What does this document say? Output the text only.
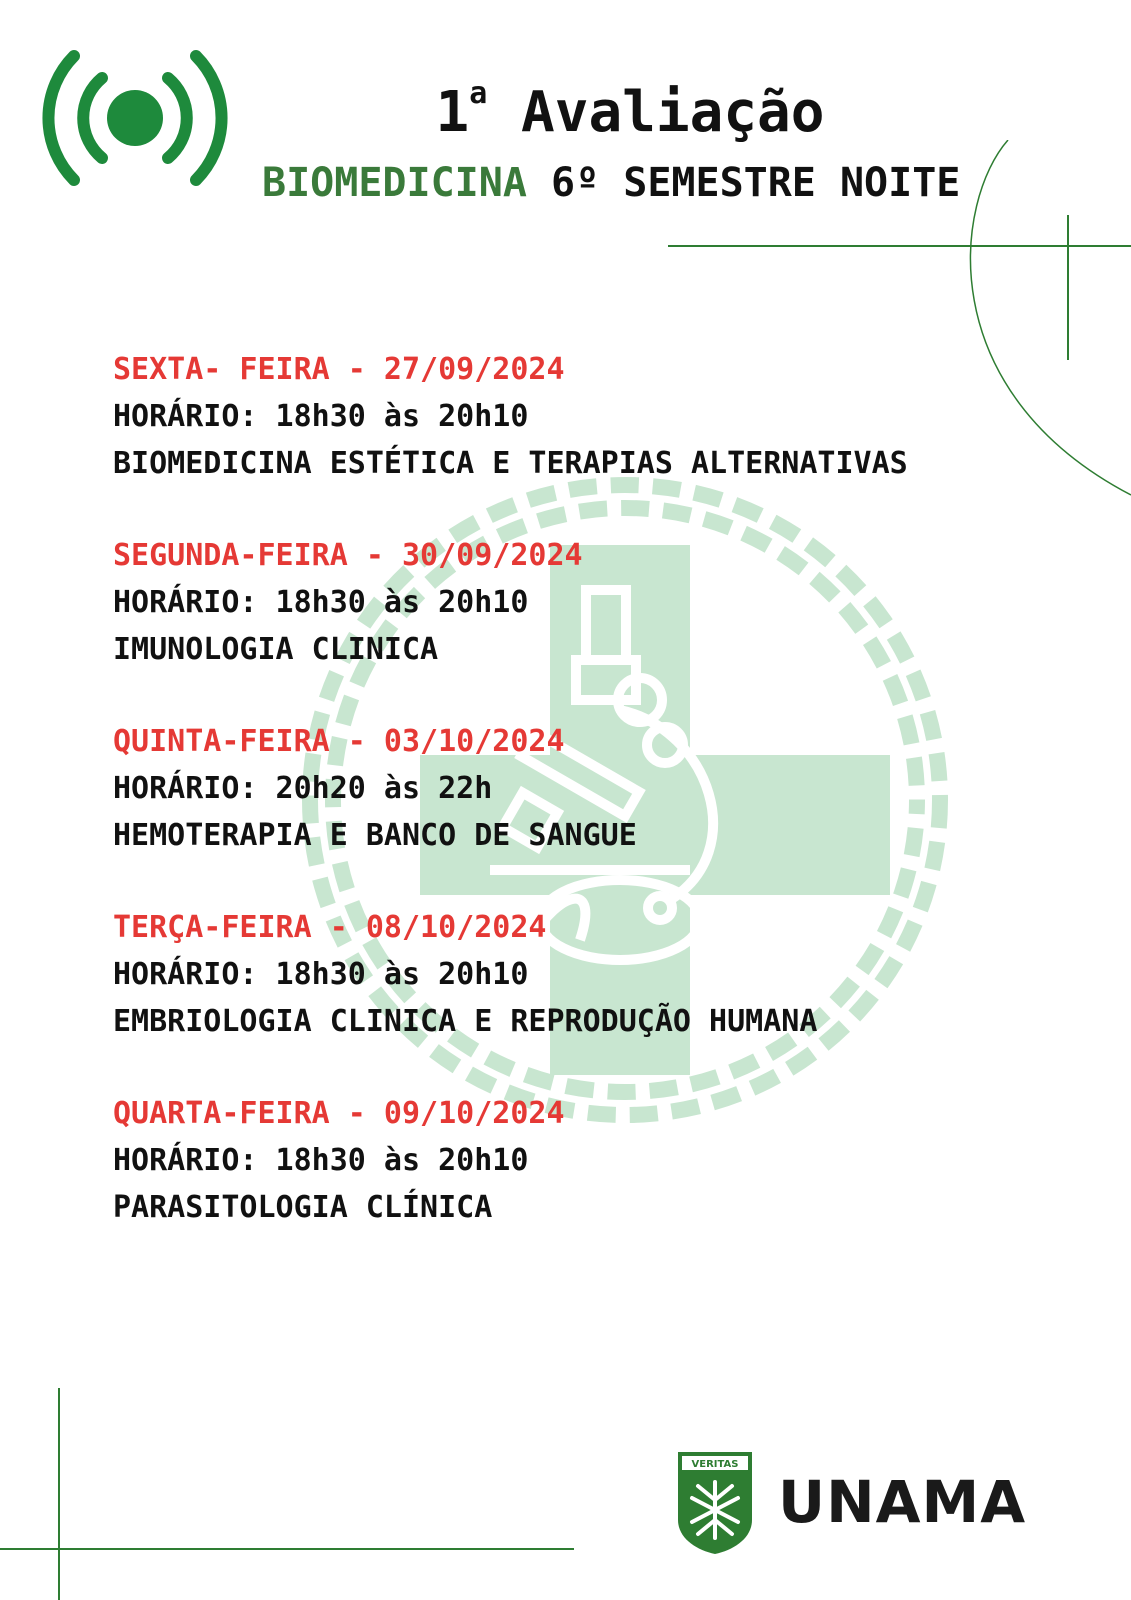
1$^a$ Avaliação
BIOMEDICINA 6º SEMESTRE NOITE
SEXTA- FEIRA - 27/09/2024
HORÁRIO: 18h30 às 20h10
BIOMEDICINA ESTÉTICA E TERAPIAS ALTERNATIVAS
SEGUNDA-FEIRA - 30/09/2024
HORÁRIO: 18h30 às 20h10
IMUNOLOGIA CLINICA
QUINTA-FEIRA - 03/10/2024
HORÁRIO: 20h20 às 22h
HEMOTERAPIA E BANCO DE SANGUE
TERÇA-FEIRA - 08/10/2024
HORÁRIO: 18h30 às 20h10
EMBRIOLOGIA CLINICA E REPRODUÇÃO HUMANA
QUARTA-FEIRA - 09/10/2024
HORÁRIO: 18h30 às 20h10
PARASITOLOGIA CLÍNICA
VERITAS
UNAMA
